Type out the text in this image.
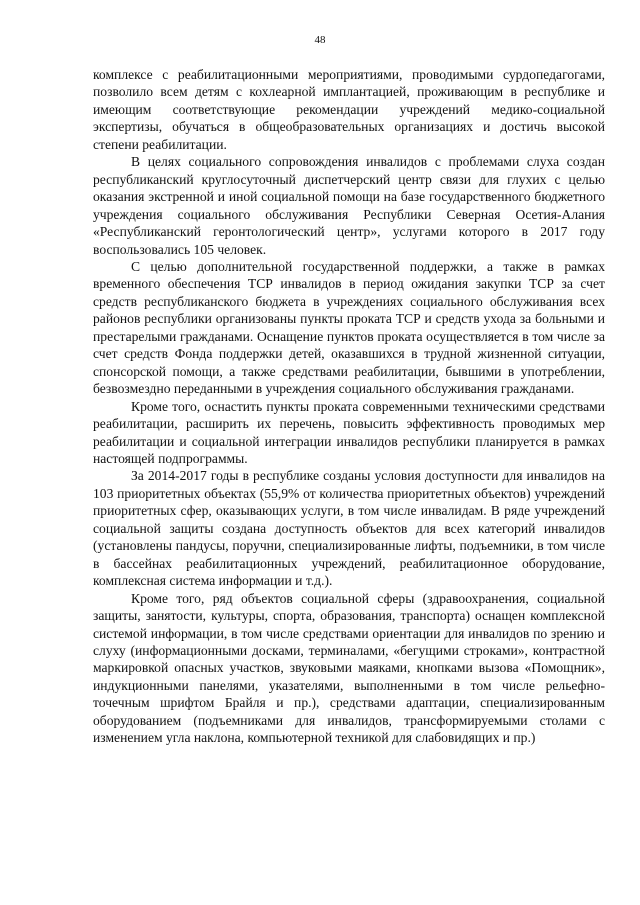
48

комплексе с реабилитационными мероприятиями, проводимыми сурдопедагогами, позволило всем детям с кохлеарной имплантацией, проживающим в республике и имеющим соответствующие рекомендации учреждений медико-социальной экспертизы, обучаться в общеобразовательных организациях и достичь высокой степени реабилитации.

В целях социального сопровождения инвалидов с проблемами слуха создан республиканский круглосуточный диспетчерский центр связи для глухих с целью оказания экстренной и иной социальной помощи на базе государственного бюджетного учреждения социального обслуживания Республики Северная Осетия-Алания «Республиканский геронтологический центр», услугами которого в 2017 году воспользовались 105 человек.

С целью дополнительной государственной поддержки, а также в рамках временного обеспечения ТСР инвалидов в период ожидания закупки ТСР за счет средств республиканского бюджета в учреждениях социального обслуживания всех районов республики организованы пункты проката ТСР и средств ухода за больными и престарелыми гражданами. Оснащение пунктов проката осуществляется в том числе за счет средств Фонда поддержки детей, оказавшихся в трудной жизненной ситуации, спонсорской помощи, а также средствами реабилитации, бывшими в употреблении, безвозмездно переданными в учреждения социального обслуживания гражданами.

Кроме того, оснастить пункты проката современными техническими средствами реабилитации, расширить их перечень, повысить эффективность проводимых мер реабилитации и социальной интеграции инвалидов республики планируется в рамках настоящей подпрограммы.

За 2014-2017 годы в республике созданы условия доступности для инвалидов на 103 приоритетных объектах (55,9% от количества приоритетных объектов) учреждений приоритетных сфер, оказывающих услуги, в том числе инвалидам. В ряде учреждений социальной защиты создана доступность объектов для всех категорий инвалидов (установлены пандусы, поручни, специализированные лифты, подъемники, в том числе в бассейнах реабилитационных учреждений, реабилитационное оборудование, комплексная система информации и т.д.).

Кроме того, ряд объектов социальной сферы (здравоохранения, социальной защиты, занятости, культуры, спорта, образования, транспорта) оснащен комплексной системой информации, в том числе средствами ориентации для инвалидов по зрению и слуху (информационными досками, терминалами, «бегущими строками», контрастной маркировкой опасных участков, звуковыми маяками, кнопками вызова «Помощник», индукционными панелями, указателями, выполненными в том числе рельефно-точечным шрифтом Брайля и пр.), средствами адаптации, специализированным оборудованием (подъемниками для инвалидов, трансформируемыми столами с изменением угла наклона, компьютерной техникой для слабовидящих и пр.)
